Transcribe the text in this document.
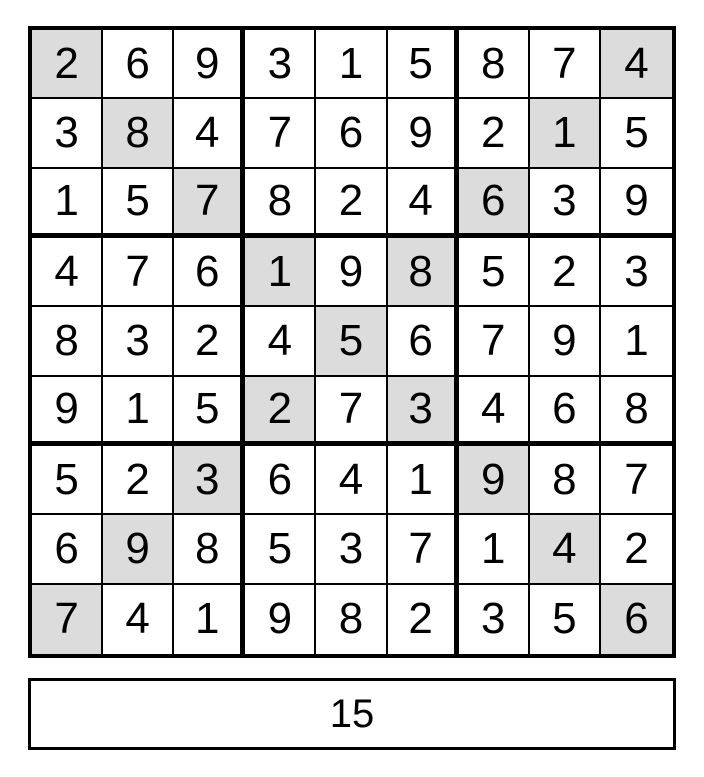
2	6	9	3	1	5	8	7	4
3	8	4	7	6	9	2	1	5
1	5	7	8	2	4	6	3	9
4	7	6	1	9	8	5	2	3
8	3	2	4	5	6	7	9	1
9	1	5	2	7	3	4	6	8
5	2	3	6	4	1	9	8	7
6	9	8	5	3	7	1	4	2
7	4	1	9	8	2	3	5	6
15
